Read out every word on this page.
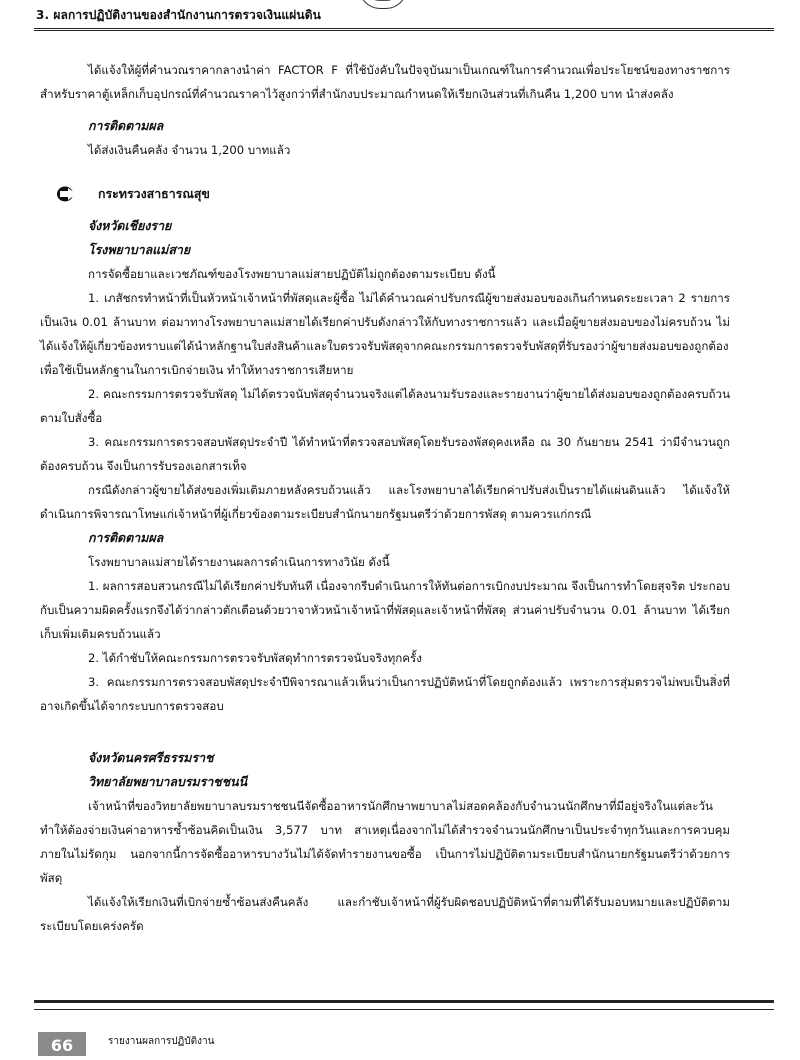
3. ผลการปฏิบัติงานของสำนักงานการตรวจเงินแผ่นดิน

ได้แจ้งให้ผู้ที่คำนวณราคากลางนำค่า FACTOR F ที่ใช้บังคับในปัจจุบันมาเป็นเกณฑ์ในการคำนวณเพื่อประโยชน์ของทางราชการ สำหรับราคาตู้เหล็กเก็บอุปกรณ์ที่คำนวณราคาไว้สูงกว่าที่สำนักงบประมาณกำหนดให้เรียกเงินส่วนที่เกินคืน 1,200 บาท นำส่งคลัง

การติดตามผล

ได้ส่งเงินคืนคลัง จำนวน 1,200 บาทแล้ว

กระทรวงสาธารณสุข

จังหวัดเชียงราย

โรงพยาบาลแม่สาย

การจัดซื้อยาและเวชภัณฑ์ของโรงพยาบาลแม่สายปฏิบัติไม่ถูกต้องตามระเบียบ ดังนี้

1. เภสัชกรทำหน้าที่เป็นหัวหน้าเจ้าหน้าที่พัสดุและผู้ซื้อ ไม่ได้คำนวณค่าปรับกรณีผู้ขายส่งมอบของเกินกำหนดระยะเวลา 2 รายการ เป็นเงิน 0.01 ล้านบาท ต่อมาทางโรงพยาบาลแม่สายได้เรียกค่าปรับดังกล่าวให้กับทางราชการแล้ว และเมื่อผู้ขายส่งมอบของไม่ครบถ้วน ไม่ได้แจ้งให้ผู้เกี่ยวข้องทราบแต่ได้นำหลักฐานใบส่งสินค้าและใบตรวจรับพัสดุจากคณะกรรมการตรวจรับพัสดุที่รับรองว่าผู้ขายส่งมอบของถูกต้องเพื่อใช้เป็นหลักฐานในการเบิกจ่ายเงิน ทำให้ทางราชการเสียหาย

2. คณะกรรมการตรวจรับพัสดุ ไม่ได้ตรวจนับพัสดุจำนวนจริงแต่ได้ลงนามรับรองและรายงานว่าผู้ขายได้ส่งมอบของถูกต้องครบถ้วนตามใบสั่งซื้อ

3. คณะกรรมการตรวจสอบพัสดุประจำปี ได้ทำหน้าที่ตรวจสอบพัสดุโดยรับรองพัสดุคงเหลือ ณ 30 กันยายน 2541 ว่ามีจำนวนถูกต้องครบถ้วน จึงเป็นการรับรองเอกสารเท็จ

กรณีดังกล่าวผู้ขายได้ส่งของเพิ่มเติมภายหลังครบถ้วนแล้ว และโรงพยาบาลได้เรียกค่าปรับส่งเป็นรายได้แผ่นดินแล้ว ได้แจ้งให้ดำเนินการพิจารณาโทษแก่เจ้าหน้าที่ผู้เกี่ยวข้องตามระเบียบสำนักนายกรัฐมนตรีว่าด้วยการพัสดุ ตามควรแก่กรณี

การติดตามผล

โรงพยาบาลแม่สายได้รายงานผลการดำเนินการทางวินัย ดังนี้

1. ผลการสอบสวนกรณีไม่ได้เรียกค่าปรับทันที เนื่องจากรีบดำเนินการให้ทันต่อการเบิกงบประมาณ จึงเป็นการทำโดยสุจริต ประกอบกับเป็นความผิดครั้งแรกจึงได้ว่ากล่าวตักเตือนด้วยวาจาหัวหน้าเจ้าหน้าที่พัสดุและเจ้าหน้าที่พัสดุ ส่วนค่าปรับจำนวน 0.01 ล้านบาท ได้เรียกเก็บเพิ่มเติมครบถ้วนแล้ว

2. ได้กำชับให้คณะกรรมการตรวจรับพัสดุทำการตรวจนับจริงทุกครั้ง

3. คณะกรรมการตรวจสอบพัสดุประจำปีพิจารณาแล้วเห็นว่าเป็นการปฏิบัติหน้าที่โดยถูกต้องแล้ว เพราะการสุ่มตรวจไม่พบเป็นสิ่งที่อาจเกิดขึ้นได้จากระบบการตรวจสอบ

จังหวัดนครศรีธรรมราช

วิทยาลัยพยาบาลบรมราชชนนี

เจ้าหน้าที่ของวิทยาลัยพยาบาลบรมราชชนนีจัดซื้ออาหารนักศึกษาพยาบาลไม่สอดคล้องกับจำนวนนักศึกษาที่มีอยู่จริงในแต่ละวัน ทำให้ต้องจ่ายเงินค่าอาหารซ้ำซ้อนคิดเป็นเงิน 3,577 บาท สาเหตุเนื่องจากไม่ได้สำรวจจำนวนนักศึกษาเป็นประจำทุกวันและการควบคุมภายในไม่รัดกุม นอกจากนี้การจัดซื้ออาหารบางวันไม่ได้จัดทำรายงานขอซื้อ เป็นการไม่ปฏิบัติตามระเบียบสำนักนายกรัฐมนตรีว่าด้วยการพัสดุ

ได้แจ้งให้เรียกเงินที่เบิกจ่ายซ้ำซ้อนส่งคืนคลัง และกำชับเจ้าหน้าที่ผู้รับผิดชอบปฏิบัติหน้าที่ตามที่ได้รับมอบหมายและปฏิบัติตามระเบียบโดยเคร่งครัด

66	รายงานผลการปฏิบัติงาน
